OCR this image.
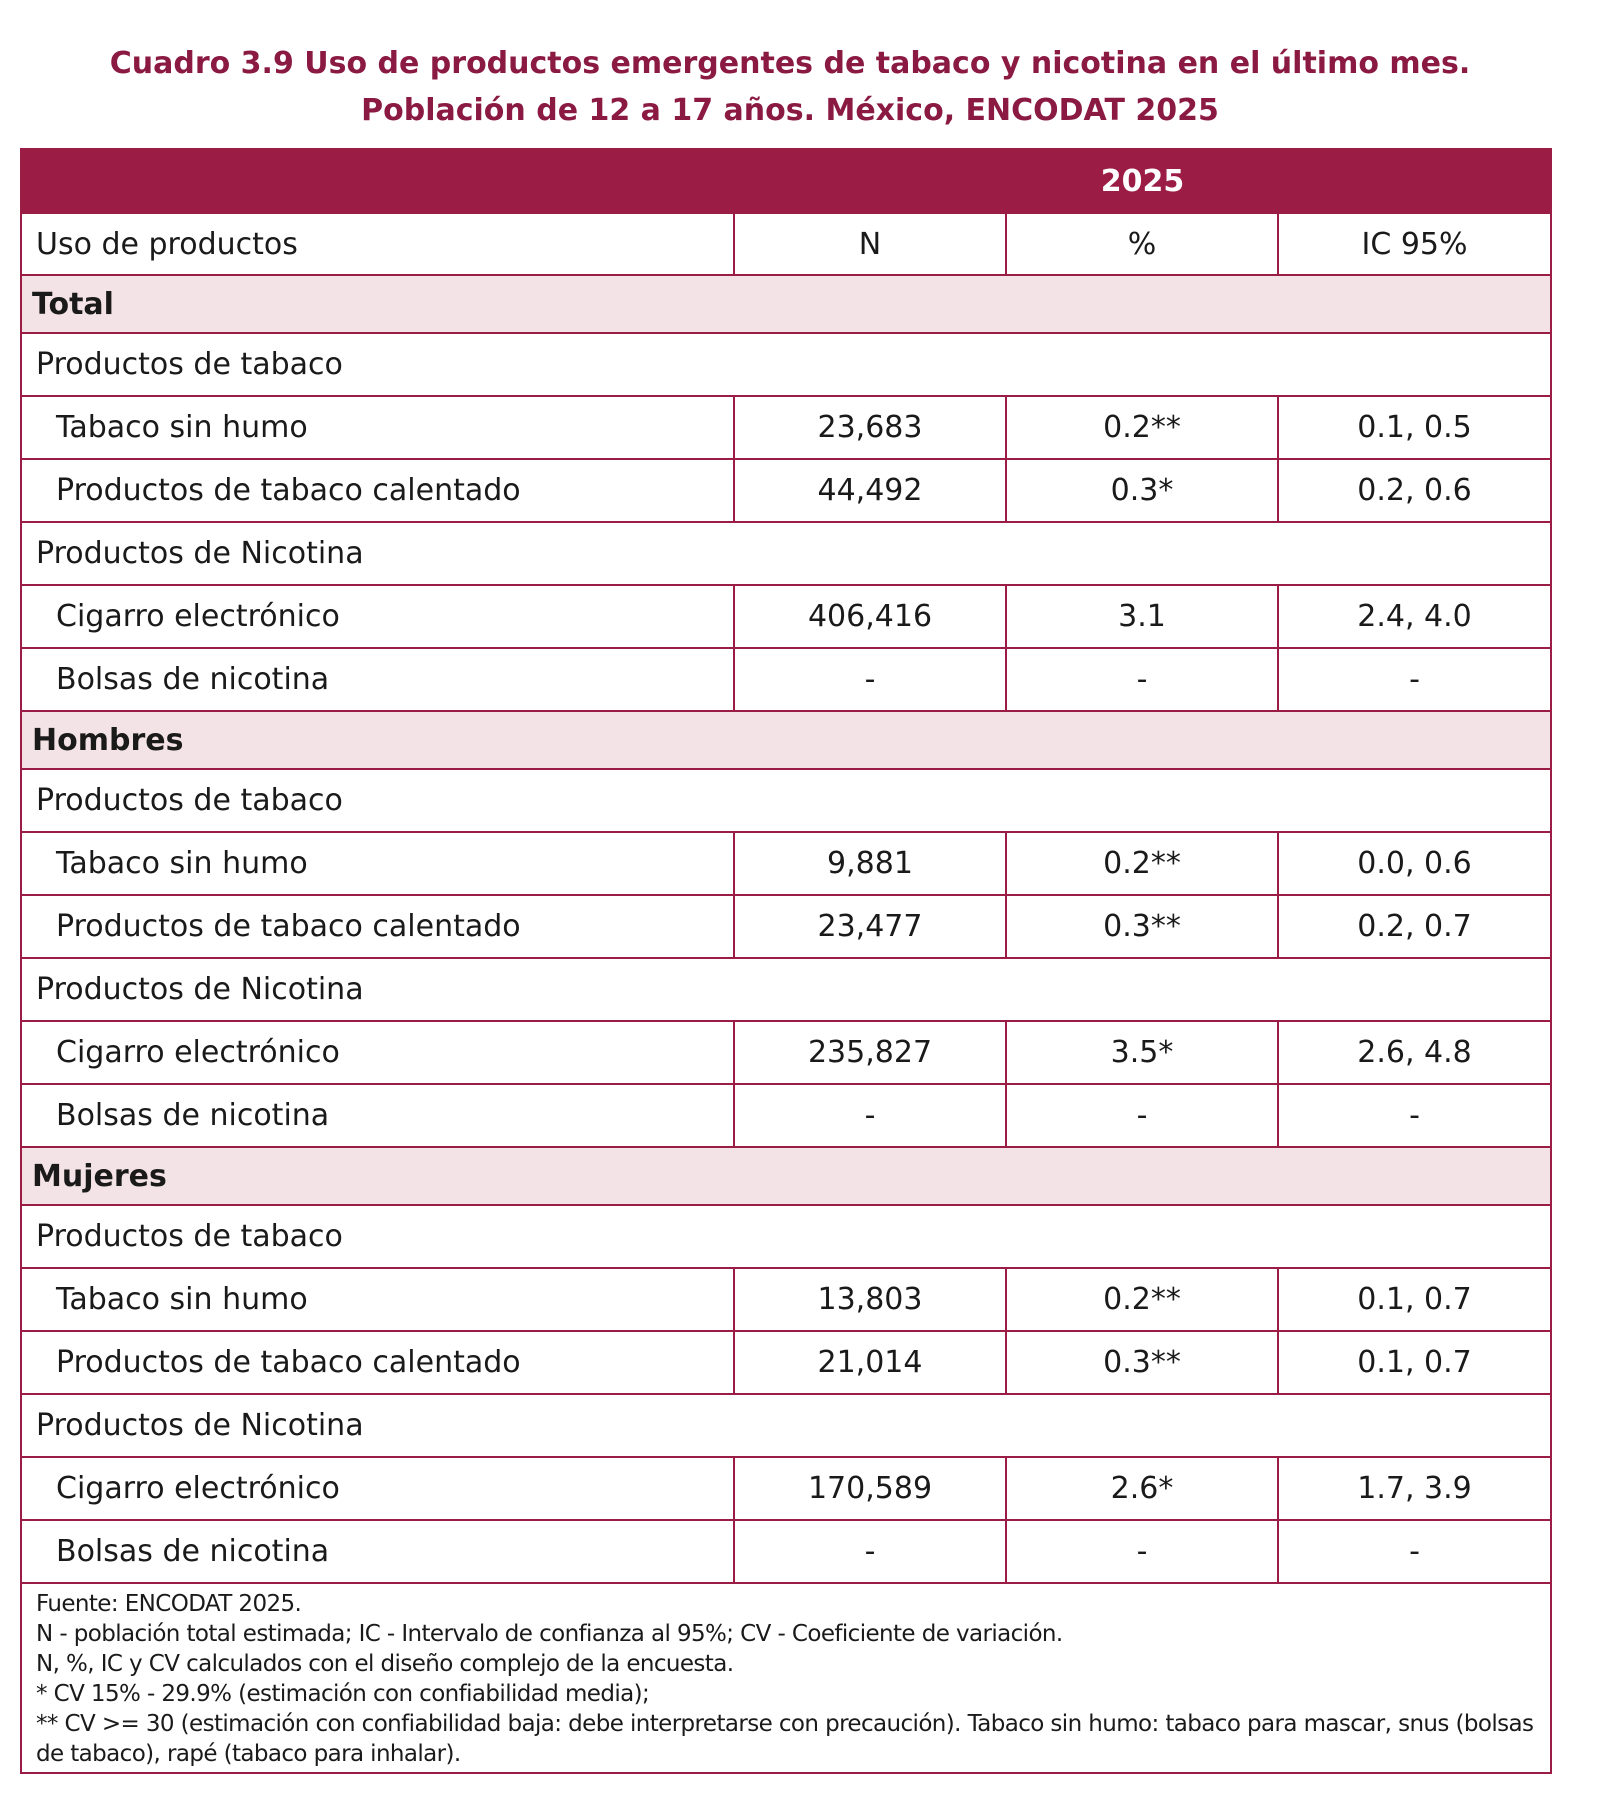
Cuadro 3.9 Uso de productos emergentes de tabaco y nicotina en el último mes.
Población de 12 a 17 años. México, ENCODAT 2025
	2025		
Uso de productos	N	%	IC 95%
Total			
Productos de tabaco			
Tabaco sin humo	23,683	0.2**	0.1, 0.5
Productos de tabaco calentado	44,492	0.3*	0.2, 0.6
Productos de Nicotina			
Cigarro electrónico	406,416	3.1	2.4, 4.0
Bolsas de nicotina	-	-	-
Hombres			
Productos de tabaco			
Tabaco sin humo	9,881	0.2**	0.0, 0.6
Productos de tabaco calentado	23,477	0.3**	0.2, 0.7
Productos de Nicotina			
Cigarro electrónico	235,827	3.5*	2.6, 4.8
Bolsas de nicotina	-	-	-
Mujeres			
Productos de tabaco			
Tabaco sin humo	13,803	0.2**	0.1, 0.7
Productos de tabaco calentado	21,014	0.3**	0.1, 0.7
Productos de Nicotina			
Cigarro electrónico	170,589	2.6*	1.7, 3.9
Bolsas de nicotina	-	-	-
Fuente: ENCODAT 2025.
N - población total estimada; IC - Intervalo de confianza al 95%; CV - Coeficiente de variación.
N, %, IC y CV calculados con el diseño complejo de la encuesta.
* CV 15% - 29.9% (estimación con confiabilidad media);
** CV >= 30 (estimación con confiabilidad baja: debe interpretarse con precaución). Tabaco sin humo: tabaco para mascar, snus (bolsas de tabaco), rapé (tabaco para inhalar).
